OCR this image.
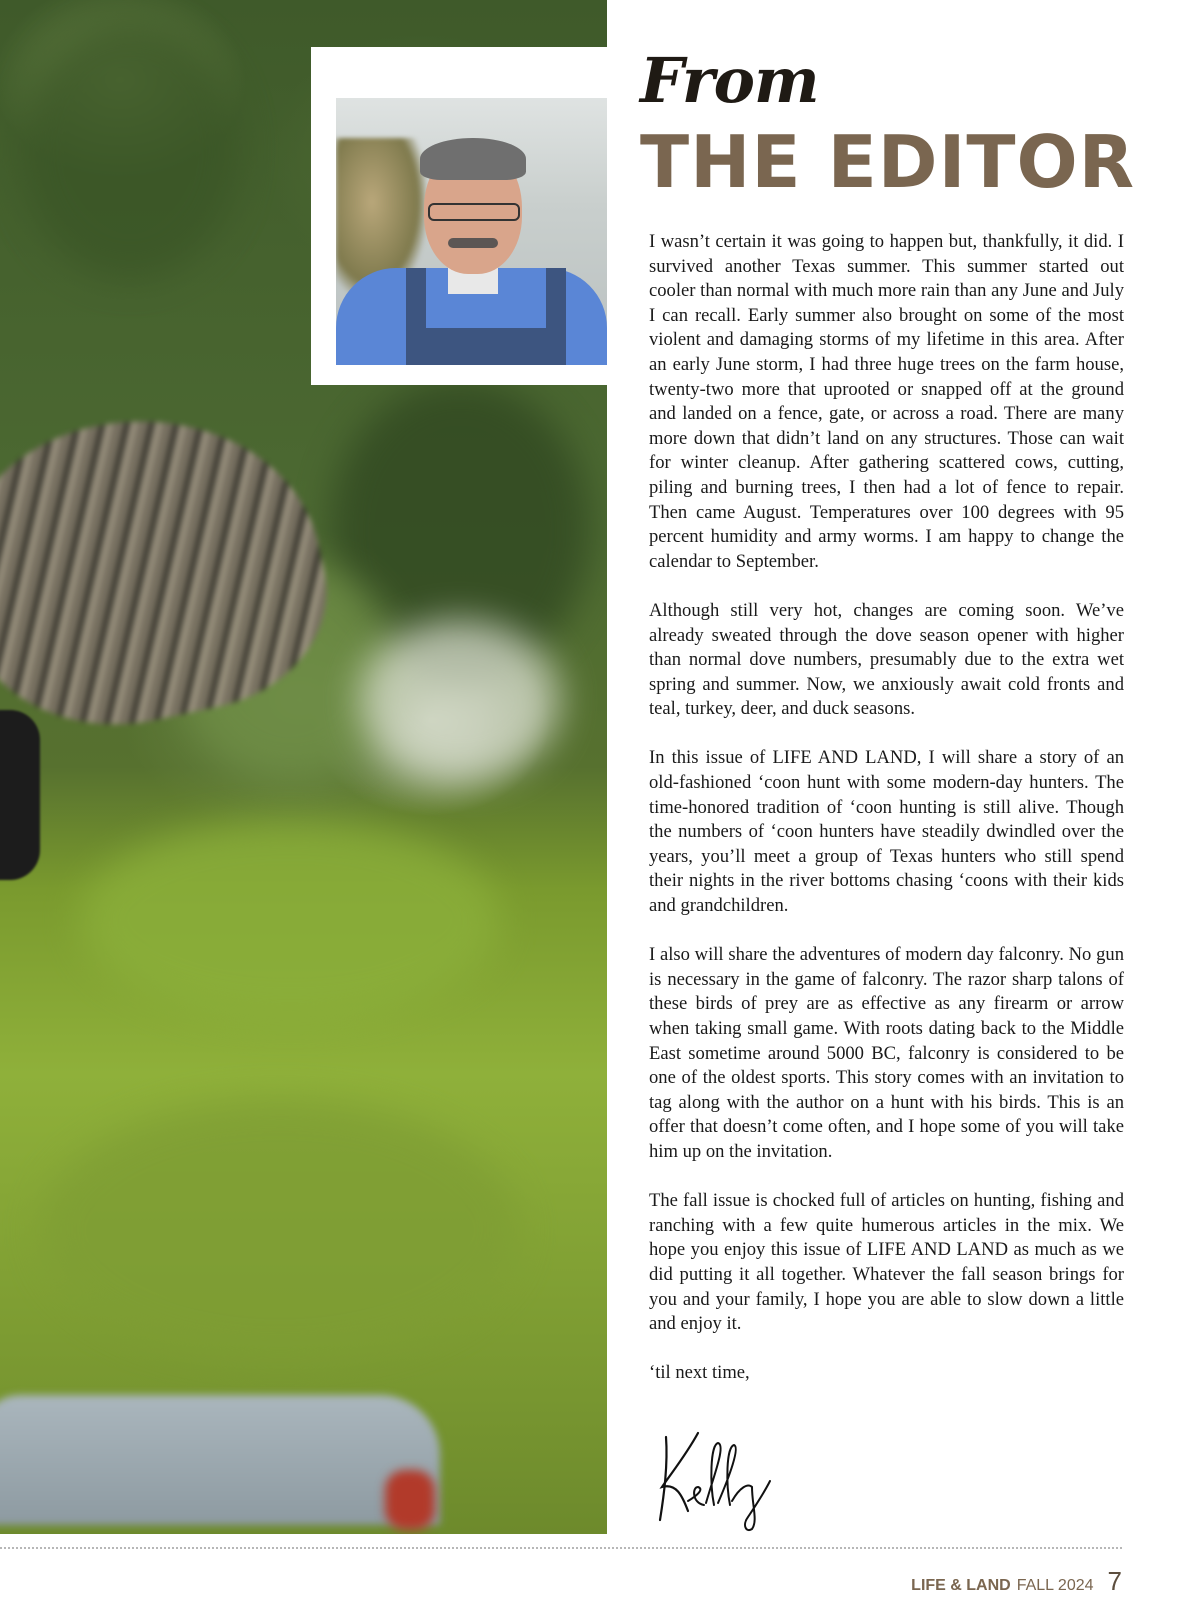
From
THE EDITOR

I wasn’t certain it was going to happen but, thankfully, it did. I survived another Texas summer. This summer started out cooler than normal with much more rain than any June and July I can recall. Early summer also brought on some of the most violent and damaging storms of my lifetime in this area. After an early June storm, I had three huge trees on the farm house, twenty-two more that uprooted or snapped off at the ground and landed on a fence, gate, or across a road. There are many more down that didn’t land on any structures. Those can wait for winter cleanup. After gathering scattered cows, cutting, piling and burning trees, I then had a lot of fence to repair. Then came August. Temperatures over 100 degrees with 95 percent humidity and army worms. I am happy to change the calendar to September.

Although still very hot, changes are coming soon. We’ve already sweated through the dove season opener with higher than normal dove numbers, presumably due to the extra wet spring and summer. Now, we anxiously await cold fronts and teal, turkey, deer, and duck seasons.

In this issue of LIFE AND LAND, I will share a story of an old-fashioned ‘coon hunt with some modern-day hunters. The time-honored tradition of ‘coon hunting is still alive. Though the numbers of ‘coon hunters have steadily dwindled over the years, you’ll meet a group of Texas hunters who still spend their nights in the river bottoms chasing ‘coons with their kids and grandchildren.

I also will share the adventures of modern day falconry. No gun is necessary in the game of falconry. The razor sharp talons of these birds of prey are as effective as any firearm or arrow when taking small game. With roots dating back to the Middle East sometime around 5000 BC, falconry is considered to be one of the oldest sports. This story comes with an invitation to tag along with the author on a hunt with his birds. This is an offer that doesn’t come often, and I hope some of you will take him up on the invitation.

The fall issue is chocked full of articles on hunting, fishing and ranching with a few quite humerous articles in the mix. We hope you enjoy this issue of LIFE AND LAND as much as we did putting it all together. Whatever the fall season brings for you and your family, I hope you are able to slow down a little and enjoy it.

‘til next time,

LIFE & LAND FALL 2024 7
